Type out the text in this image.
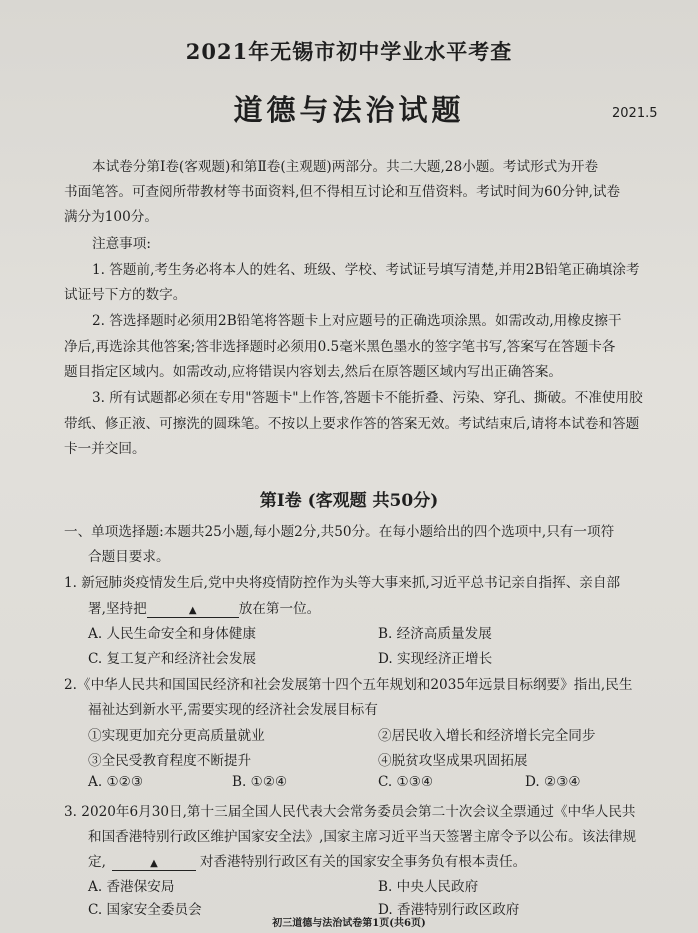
2021年无锡市初中学业水平考查
道德与法治试题	2021.5
本试卷分第Ⅰ卷(客观题)和第Ⅱ卷(主观题)两部分。共二大题,28小题。考试形式为开卷
书面笔答。可查阅所带教材等书面资料,但不得相互讨论和互借资料。考试时间为60分钟,试卷
满分为100分。
注意事项:
1. 答题前,考生务必将本人的姓名、班级、学校、考试证号填写清楚,并用2B铅笔正确填涂考
试证号下方的数字。
2. 答选择题时必须用2B铅笔将答题卡上对应题号的正确选项涂黑。如需改动,用橡皮擦干
净后,再选涂其他答案;答非选择题时必须用0.5毫米黑色墨水的签字笔书写,答案写在答题卡各
题目指定区域内。如需改动,应将错误内容划去,然后在原答题区域内写出正确答案。
3. 所有试题都必须在专用"答题卡"上作答,答题卡不能折叠、污染、穿孔、撕破。不准使用胶
带纸、修正液、可擦洗的圆珠笔。不按以上要求作答的答案无效。考试结束后,请将本试卷和答题
卡一并交回。
第Ⅰ卷 (客观题 共50分)
一、单项选择题:本题共25小题,每小题2分,共50分。在每小题给出的四个选项中,只有一项符
合题目要求。
1. 新冠肺炎疫情发生后,党中央将疫情防控作为头等大事来抓,习近平总书记亲自指挥、亲自部
署,坚持把	▲	放在第一位。
A. 人民生命安全和身体健康	B. 经济高质量发展
C. 复工复产和经济社会发展	D. 实现经济正增长
2.《中华人民共和国国民经济和社会发展第十四个五年规划和2035年远景目标纲要》指出,民生
福祉达到新水平,需要实现的经济社会发展目标有
①实现更加充分更高质量就业	②居民收入增长和经济增长完全同步
③全民受教育程度不断提升	④脱贫攻坚成果巩固拓展
A. ①②③	B. ①②④	C. ①③④	D. ②③④
3. 2020年6月30日,第十三届全国人民代表大会常务委员会第二十次会议全票通过《中华人民共
和国香港特别行政区维护国家安全法》,国家主席习近平当天签署主席令予以公布。该法律规
定,	▲	对香港特别行政区有关的国家安全事务负有根本责任。
A. 香港保安局	B. 中央人民政府
C. 国家安全委员会	D. 香港特别行政区政府
初三道德与法治试卷第1页(共6页)
